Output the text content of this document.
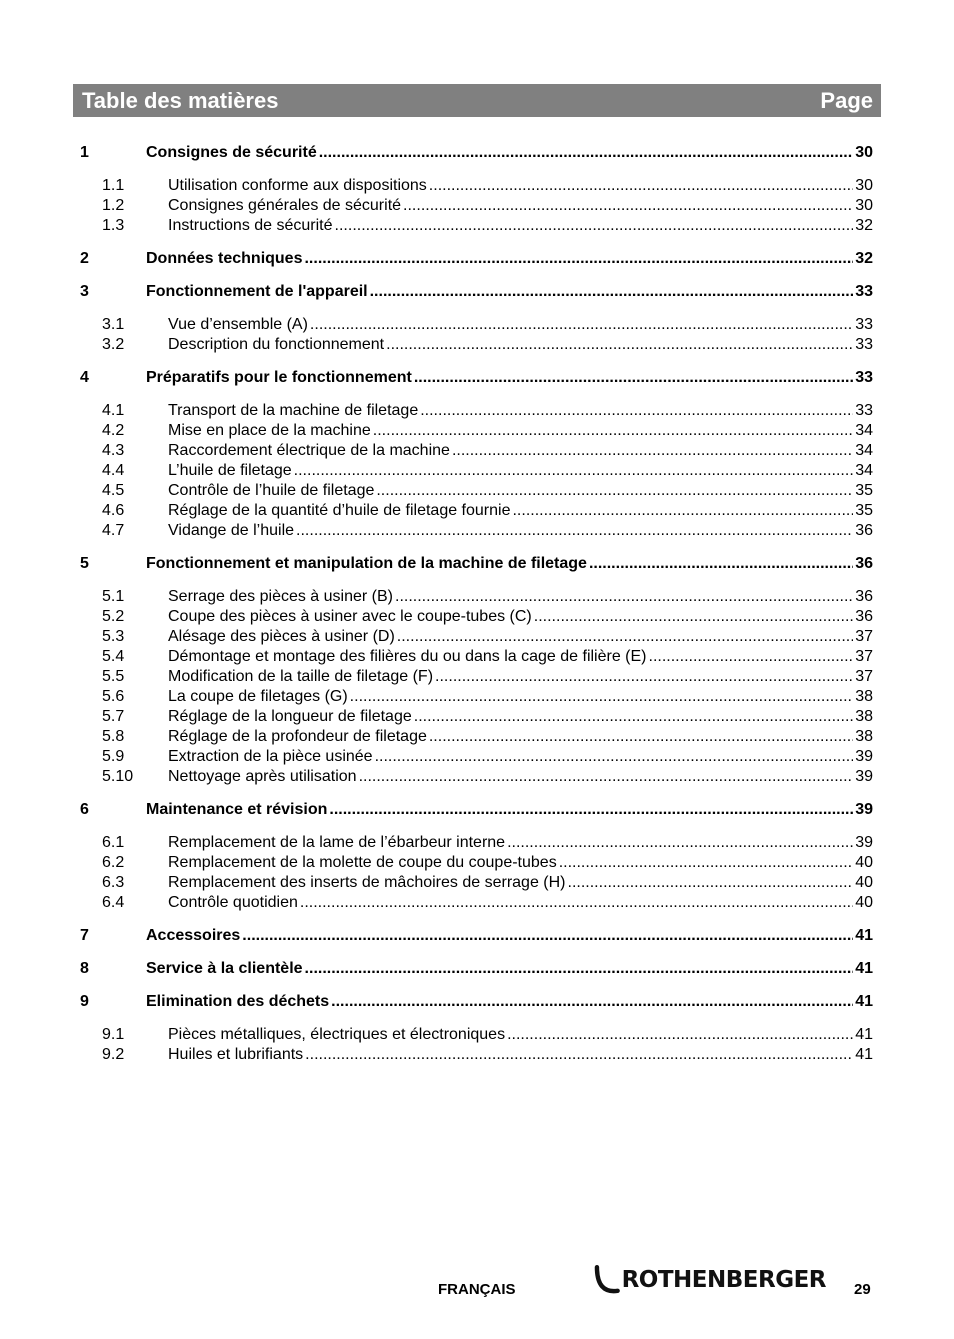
Table des matières	Page
1	Consignes de sécurité .....	30
1.1	Utilisation conforme aux dispositions .....	30
1.2	Consignes générales de sécurité .....	30
1.3	Instructions de sécurité .....	32
2	Données techniques .....	32
3	Fonctionnement de l'appareil .....	33
3.1	Vue d’ensemble (A) .....	33
3.2	Description du fonctionnement .....	33
4	Préparatifs pour le fonctionnement .....	33
4.1	Transport de la machine de filetage .....	33
4.2	Mise en place de la machine .....	34
4.3	Raccordement électrique de la machine .....	34
4.4	L’huile de filetage .....	34
4.5	Contrôle de l’huile de filetage .....	35
4.6	Réglage de la quantité d’huile de filetage fournie .....	35
4.7	Vidange de l’huile .....	36
5	Fonctionnement et manipulation de la machine de filetage .....	36
5.1	Serrage des pièces à usiner (B) .....	36
5.2	Coupe des pièces à usiner avec le coupe-tubes (C) .....	36
5.3	Alésage des pièces à usiner (D) .....	37
5.4	Démontage et montage des filières du ou dans la cage de filière (E) .....	37
5.5	Modification de la taille de filetage (F) .....	37
5.6	La coupe de filetages (G) .....	38
5.7	Réglage de la longueur de filetage .....	38
5.8	Réglage de la profondeur de filetage .....	38
5.9	Extraction de la pièce usinée .....	39
5.10	Nettoyage après utilisation .....	39
6	Maintenance et révision .....	39
6.1	Remplacement de la lame de l’ébarbeur interne .....	39
6.2	Remplacement de la molette de coupe du coupe-tubes .....	40
6.3	Remplacement des inserts de mâchoires de serrage (H) .....	40
6.4	Contrôle quotidien .....	40
7	Accessoires .....	41
8	Service à la clientèle .....	41
9	Elimination des déchets .....	41
9.1	Pièces métalliques, électriques et électroniques .....	41
9.2	Huiles et lubrifiants .....	41
FRANÇAIS	ROTHENBERGER 29
